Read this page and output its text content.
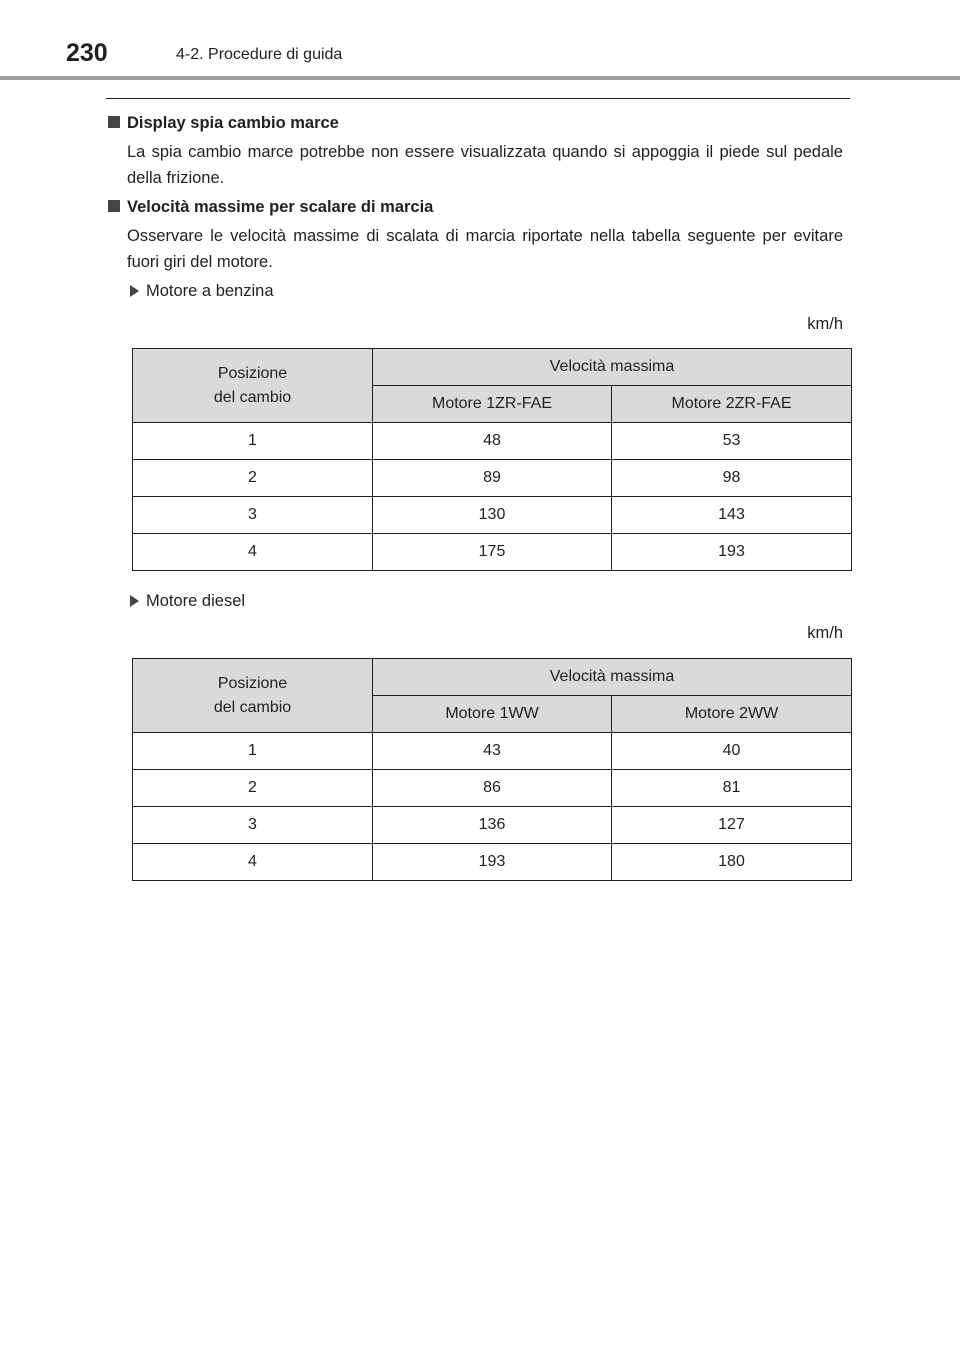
230	4-2. Procedure di guida
Display spia cambio marce
La spia cambio marce potrebbe non essere visualizzata quando si appoggia il piede sul pedale della frizione.
Velocità massime per scalare di marcia
Osservare le velocità massime di scalata di marcia riportate nella tabella seguente per evitare fuori giri del motore.
Motore a benzina
km/h
Posizione
del cambio	Velocità massima	
	Motore 1ZR-FAE	Motore 2ZR-FAE
1	48	53
2	89	98
3	130	143
4	175	193
Motore diesel
km/h
Posizione
del cambio	Velocità massima	
	Motore 1WW	Motore 2WW
1	43	40
2	86	81
3	136	127
4	193	180
